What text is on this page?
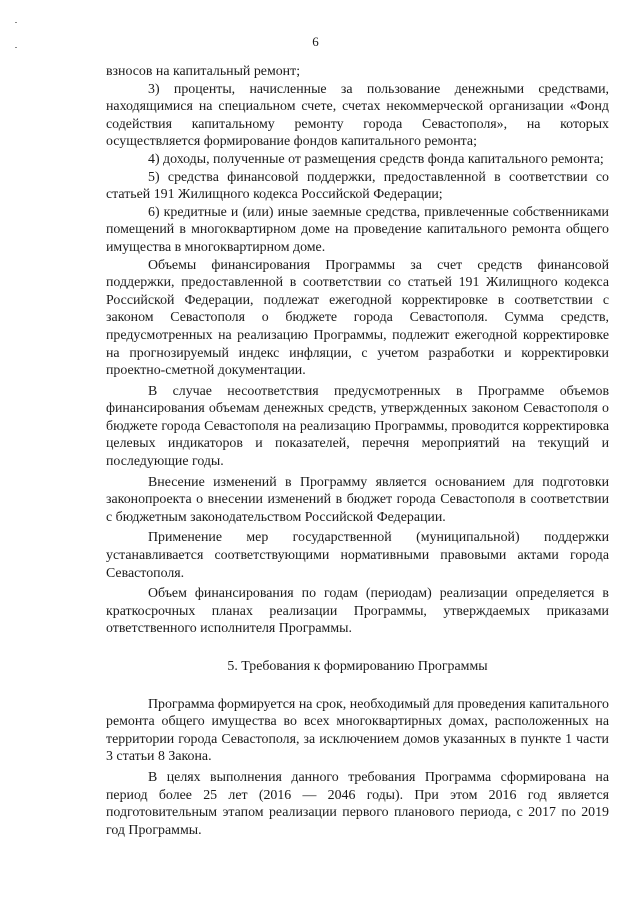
6

взносов на капитальный ремонт;

3) проценты, начисленные за пользование денежными средствами, находящимися на специальном счете, счетах некоммерческой организации «Фонд содействия капитальному ремонту города Севастополя», на которых осуществляется формирование фондов капитального ремонта;

4) доходы, полученные от размещения средств фонда капитального ремонта;

5) средства финансовой поддержки, предоставленной в соответствии со статьей 191 Жилищного кодекса Российской Федерации;

6) кредитные и (или) иные заемные средства, привлеченные собственниками помещений в многоквартирном доме на проведение капитального ремонта общего имущества в многоквартирном доме.

Объемы финансирования Программы за счет средств финансовой поддержки, предоставленной в соответствии со статьей 191 Жилищного кодекса Российской Федерации, подлежат ежегодной корректировке в соответствии с законом Севастополя о бюджете города Севастополя. Сумма средств, предусмотренных на реализацию Программы, подлежит ежегодной корректировке на прогнозируемый индекс инфляции, с учетом разработки и корректировки проектно-сметной документации.

В случае несоответствия предусмотренных в Программе объемов финансирования объемам денежных средств, утвержденных законом Севастополя о бюджете города Севастополя на реализацию Программы, проводится корректировка целевых индикаторов и показателей, перечня мероприятий на текущий и последующие годы.

Внесение изменений в Программу является основанием для подготовки законопроекта о внесении изменений в бюджет города Севастополя в соответствии с бюджетным законодательством Российской Федерации.

Применение мер государственной (муниципальной) поддержки устанавливается соответствующими нормативными правовыми актами города Севастополя.

Объем финансирования по годам (периодам) реализации определяется в краткосрочных планах реализации Программы, утверждаемых приказами ответственного исполнителя Программы.

5. Требования к формированию Программы

Программа формируется на срок, необходимый для проведения капитального ремонта общего имущества во всех многоквартирных домах, расположенных на территории города Севастополя, за исключением домов указанных в пункте 1 части 3 статьи 8 Закона.

В целях выполнения данного требования Программа сформирована на период более 25 лет (2016 — 2046 годы). При этом 2016 год является подготовительным этапом реализации первого планового периода, с 2017 по 2019 год Программы.
